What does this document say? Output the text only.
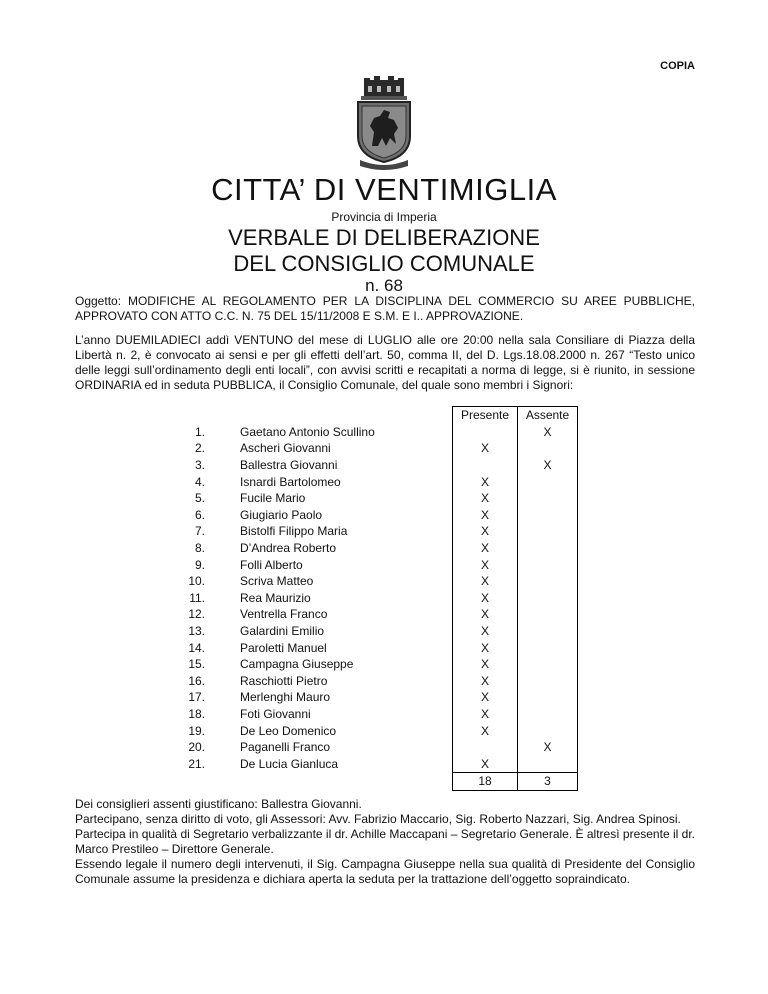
COPIA
CITTA’ DI VENTIMIGLIA
Provincia di Imperia
VERBALE DI DELIBERAZIONE
DEL CONSIGLIO COMUNALE
n. 68
Oggetto: MODIFICHE AL REGOLAMENTO PER LA DISCIPLINA DEL COMMERCIO SU AREE PUBBLICHE, APPROVATO CON ATTO C.C. N. 75 DEL 15/11/2008 E S.M. E I.. APPROVAZIONE.
L’anno DUEMILADIECI addì VENTUNO del mese di LUGLIO alle ore 20:00 nella sala Consiliare di Piazza della Libertà n. 2, è convocato ai sensi e per gli effetti dell’art. 50, comma II, del D. Lgs.18.08.2000 n. 267 “Testo unico delle leggi sull’ordinamento degli enti locali”, con avvisi scritti e recapitati a norma di legge, si è riunito, in sessione ORDINARIA ed in seduta PUBBLICA, il Consiglio Comunale, del quale sono membri i Signori:
		Presente	Assente
1.	Gaetano Antonio Scullino		X
2.	Ascheri Giovanni	X	
3.	Ballestra Giovanni		X
4.	Isnardi Bartolomeo	X	
5.	Fucile Mario	X	
6.	Giugiario Paolo	X	
7.	Bistolfi Filippo Maria	X	
8.	D’Andrea Roberto	X	
9.	Folli Alberto	X	
10.	Scriva Matteo	X	
11.	Rea Maurizio	X	
12.	Ventrella Franco	X	
13.	Galardini Emilio	X	
14.	Paroletti Manuel	X	
15.	Campagna Giuseppe	X	
16.	Raschiotti Pietro	X	
17.	Merlenghi Mauro	X	
18.	Foti Giovanni	X	
19.	De Leo Domenico	X	
20.	Paganelli Franco		X
21.	De Lucia Gianluca	X	
		18	3

Dei consiglieri assenti giustificano: Ballestra Giovanni.

Partecipano, senza diritto di voto, gli Assessori: Avv. Fabrizio Maccario, Sig. Roberto Nazzari, Sig. Andrea Spinosi.

Partecipa in qualità di Segretario verbalizzante il dr. Achille Maccapani – Segretario Generale. È altresì presente il dr. Marco Prestileo – Direttore Generale.

Essendo legale il numero degli intervenuti, il Sig. Campagna Giuseppe nella sua qualità di Presidente del Consiglio Comunale assume la presidenza e dichiara aperta la seduta per la trattazione dell’oggetto sopraindicato.
